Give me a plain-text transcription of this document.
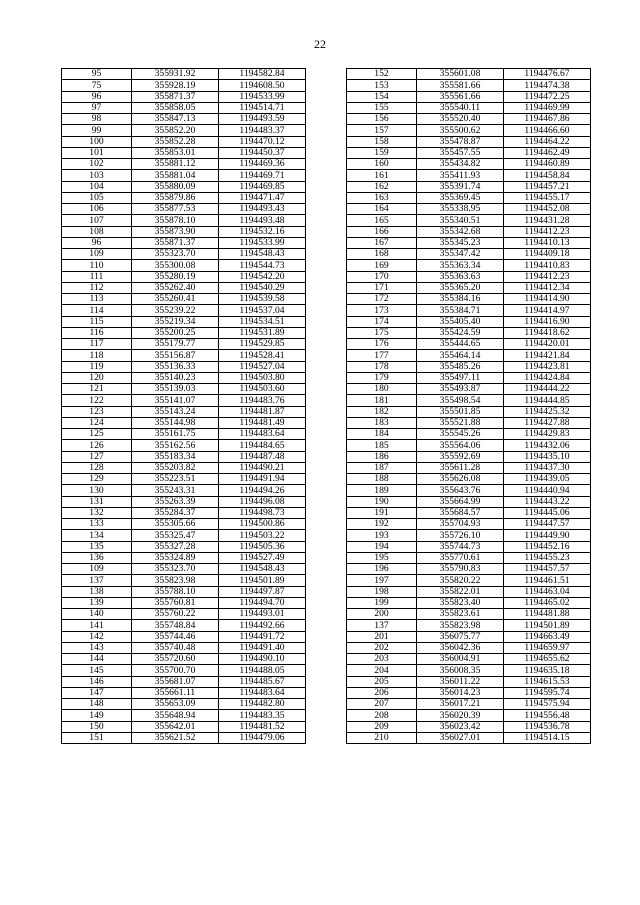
22
95	355931.92	1194582.84
75	355928.19	1194608.50
96	355871.37	1194533.99
97	355858.05	1194514.71
98	355847.13	1194493.59
99	355852.20	1194483.37
100	355852.28	1194470.12
101	355853.01	1194450.37
102	355881.12	1194469.36
103	355881.04	1194469.71
104	355880.09	1194469.85
105	355879.86	1194471.47
106	355877.53	1194493.43
107	355878.10	1194493.48
108	355873.90	1194532.16
96	355871.37	1194533.99
109	355323.70	1194548.43
110	355300.08	1194544.73
111	355280.19	1194542.20
112	355262.40	1194540.29
113	355260.41	1194539.58
114	355239.22	1194537.04
115	355219.34	1194534.51
116	355200.25	1194531.89
117	355179.77	1194529.85
118	355156.87	1194528.41
119	355136.33	1194527.04
120	355140.23	1194503.80
121	355139.03	1194503.60
122	355141.07	1194483.76
123	355143.24	1194481.87
124	355144.98	1194481.49
125	355161.75	1194483.64
126	355162.56	1194484.65
127	355183.34	1194487.48
128	355203.82	1194490.21
129	355223.51	1194491.94
130	355243.31	1194494.26
131	355263.39	1194496.08
132	355284.37	1194498.73
133	355305.66	1194500.86
134	355325.47	1194503.22
135	355327.28	1194505.36
136	355324.89	1194527.49
109	355323.70	1194548.43
137	355823.98	1194501.89
138	355788.10	1194497.87
139	355760.81	1194494.70
140	355760.22	1194493.01
141	355748.84	1194492.66
142	355744.46	1194491.72
143	355740.48	1194491.40
144	355720.60	1194490.10
145	355700.70	1194488.05
146	355681.07	1194485.67
147	355661.11	1194483.64
148	355653.09	1194482.80
149	355648.94	1194483.35
150	355642.01	1194481.52
151	355621.52	1194479.06
152	355601.08	1194476.67
153	355581.66	1194474.38
154	355561.66	1194472.25
155	355540.11	1194469.99
156	355520.40	1194467.86
157	355500.62	1194466.60
158	355478.87	1194464.22
159	355457.55	1194462.49
160	355434.82	1194460.89
161	355411.93	1194458.84
162	355391.74	1194457.21
163	355369.45	1194455.17
164	355338.95	1194452.08
165	355340.51	1194431.28
166	355342.68	1194412.23
167	355345.23	1194410.13
168	355347.42	1194409.18
169	355363.34	1194410.83
170	355363.63	1194412.23
171	355365.20	1194412.34
172	355384.16	1194414.90
173	355384.71	1194414.97
174	355405.40	1194416.90
175	355424.59	1194418.62
176	355444.65	1194420.01
177	355464.14	1194421.84
178	355485.26	1194423.81
179	355497.11	1194424.84
180	355493.87	1194444.22
181	355498.54	1194444.85
182	355501.85	1194425.32
183	355521.88	1194427.88
184	355545.26	1194429.83
185	355564.06	1194432.06
186	355592.69	1194435.10
187	355611.28	1194437.30
188	355626.08	1194439.05
189	355643.76	1194440.94
190	355664.99	1194443.22
191	355684.57	1194445.06
192	355704.93	1194447.57
193	355726.10	1194449.90
194	355744.73	1194452.16
195	355770.61	1194455.23
196	355790.83	1194457.57
197	355820.22	1194461.51
198	355822.01	1194463.04
199	355823.40	1194465.02
200	355823.61	1194481.88
137	355823.98	1194501.89
201	356075.77	1194663.49
202	356042.36	1194659.97
203	356004.91	1194655.62
204	356008.35	1194635.18
205	356011.22	1194615.53
206	356014.23	1194595.74
207	356017.21	1194575.94
208	356020.39	1194556.48
209	356023.42	1194536.78
210	356027.01	1194514.15
